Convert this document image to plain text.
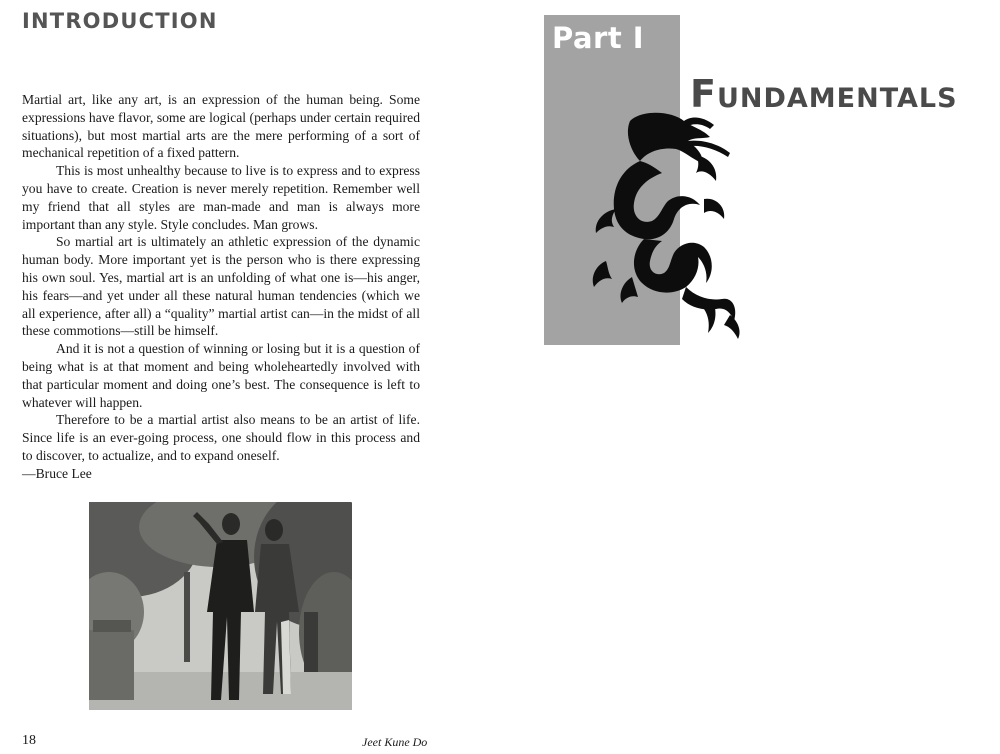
INTRODUCTION

Martial art, like any art, is an expression of the human being. Some expressions have flavor, some are logical (perhaps under certain required situations), but most martial arts are the mere performing of a sort of mechanical repetition of a fixed pattern.

This is most unhealthy because to live is to express and to express you have to create. Creation is never merely repetition. Remember well my friend that all styles are man-made and man is always more important than any style. Style concludes. Man grows.

So martial art is ultimately an athletic expression of the dynamic human body. More important yet is the person who is there expressing his own soul. Yes, martial art is an unfolding of what one is—his anger, his fears—and yet under all these natural human tendencies (which we all experience, after all) a “quality” martial artist can—in the midst of all these commotions—still be himself.

And it is not a question of winning or losing but it is a question of being what is at that moment and being wholeheartedly involved with that particular moment and doing one’s best. The consequence is left to whatever will happen.

Therefore to be a martial artist also means to be an artist of life. Since life is an ever-going process, one should flow in this process and to discover, to actualize, and to expand oneself.

—Bruce Lee

18	Jeet Kune Do

Part I

Fundamentals
